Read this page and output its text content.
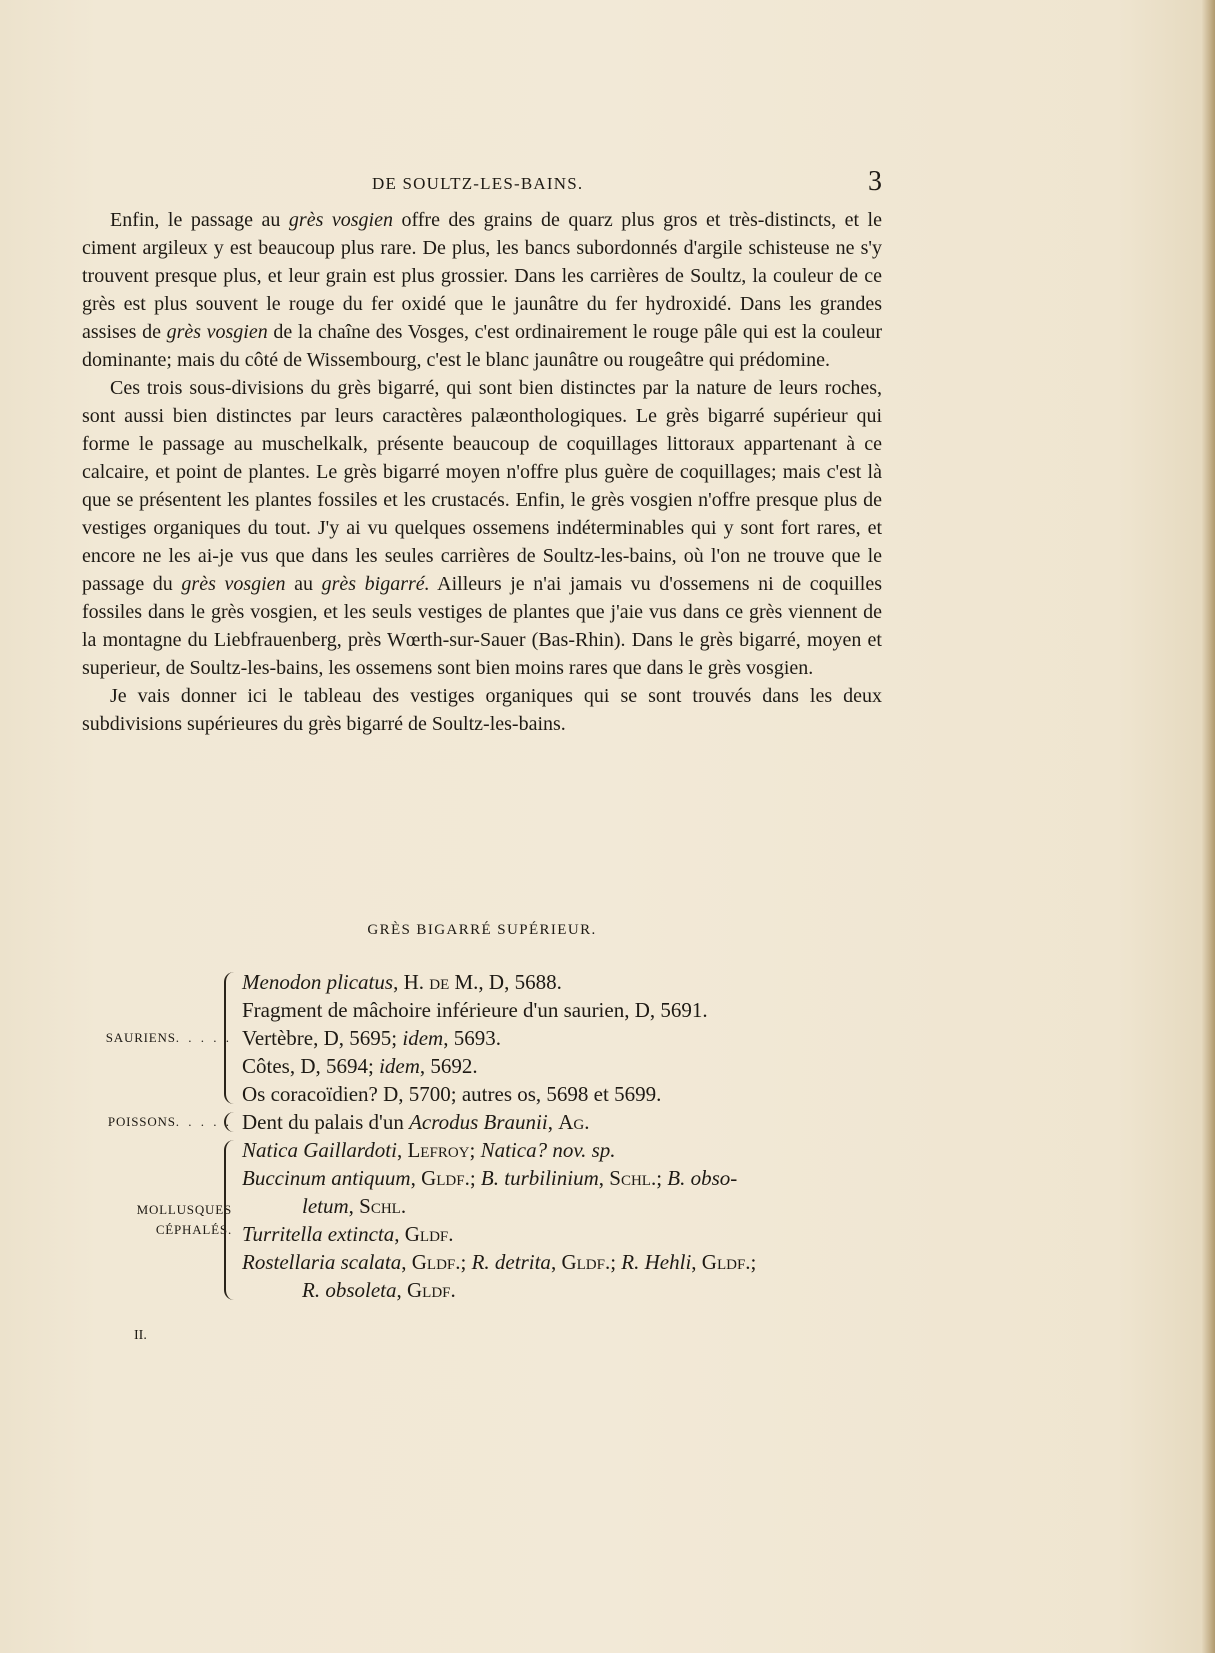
DE SOULTZ-LES-BAINS.	3

Enfin, le passage au grès vosgien offre des grains de quarz plus gros et très-distincts, et le ciment argileux y est beaucoup plus rare. De plus, les bancs subordonnés d'argile schisteuse ne s'y trouvent presque plus, et leur grain est plus grossier. Dans les carrières de Soultz, la couleur de ce grès est plus souvent le rouge du fer oxidé que le jaunâtre du fer hydroxidé. Dans les grandes assises de grès vosgien de la chaîne des Vosges, c'est ordinairement le rouge pâle qui est la couleur dominante; mais du côté de Wissembourg, c'est le blanc jaunâtre ou rougeâtre qui prédomine.

Ces trois sous-divisions du grès bigarré, qui sont bien distinctes par la nature de leurs roches, sont aussi bien distinctes par leurs caractères palæonthologiques. Le grès bigarré supérieur qui forme le passage au muschelkalk, présente beaucoup de coquillages littoraux appartenant à ce calcaire, et point de plantes. Le grès bigarré moyen n'offre plus guère de coquillages; mais c'est là que se présentent les plantes fossiles et les crustacés. Enfin, le grès vosgien n'offre presque plus de vestiges organiques du tout. J'y ai vu quelques ossemens indéterminables qui y sont fort rares, et encore ne les ai-je vus que dans les seules carrières de Soultz-les-bains, où l'on ne trouve que le passage du grès vosgien au grès bigarré. Ailleurs je n'ai jamais vu d'ossemens ni de coquilles fossiles dans le grès vosgien, et les seuls vestiges de plantes que j'aie vus dans ce grès viennent de la montagne du Liebfrauenberg, près Wœrth-sur-Sauer (Bas-Rhin). Dans le grès bigarré, moyen et superieur, de Soultz-les-bains, les ossemens sont bien moins rares que dans le grès vosgien.

Je vais donner ici le tableau des vestiges organiques qui se sont trouvés dans les deux subdivisions supérieures du grès bigarré de Soultz-les-bains.

GRÈS BIGARRÉ SUPÉRIEUR.
SAURIENS. . . . .
Menodon plicatus, H. de M., D, 5688.
Fragment de mâchoire inférieure d'un saurien, D, 5691.
Vertèbre, D, 5695; idem, 5693.
Côtes, D, 5694; idem, 5692.
Os coracoïdien? D, 5700; autres os, 5698 et 5699.
POISSONS. . . . . Dent du palais d'un Acrodus Braunii, Ag.
MOLLUSQUES
CÉPHALÉS.
Natica Gaillardoti, Lefroy; Natica? nov. sp.
Buccinum antiquum, Gldf.; B. turbilinium, Schl.; B. obso-
letum, Schl.
Turritella extincta, Gldf.
Rostellaria scalata, Gldf.; R. detrita, Gldf.; R. Hehli, Gldf.;
R. obsoleta, Gldf.
II.
